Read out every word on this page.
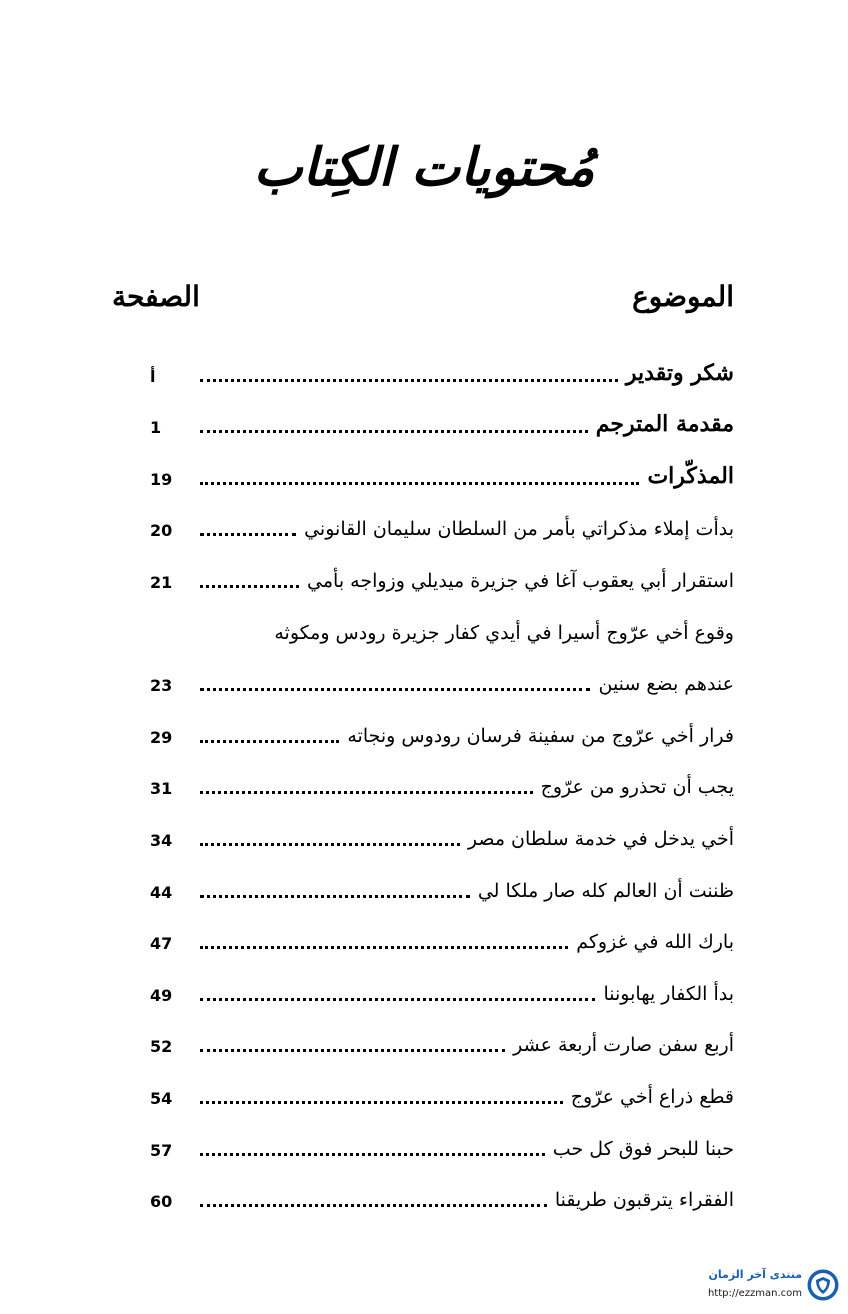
مُحتويات الكِتاب
الموضوع
الصفحة
شكر وتقدير
أ
مقدمة المترجم
1
المذكّرات
19
بدأت إملاء مذكراتي بأمر من السلطان سليمان القانوني
20
استقرار أبي يعقوب آغا في جزيرة ميديلي وزواجه بأمي
21
وقوع أخي عرّوج أسيرا في أيدي كفار جزيرة رودس ومكوثه
عندهم بضع سنين
23
فرار أخي عرّوج من سفينة فرسان رودوس ونجاته
29
يجب أن تحذرو من عرّوج
31
أخي يدخل في خدمة سلطان مصر
34
ظننت أن العالم كله صار ملكا لي
44
بارك الله في غزوكم
47
بدأ الكفار يهابوننا
49
أربع سفن صارت أربعة عشر
52
قطع ذراع أخي عرّوج
54
حبنا للبحر فوق كل حب
57
الفقراء يترقبون طريقنا
60
منتدى آخر الزمان
http://ezzman.com
